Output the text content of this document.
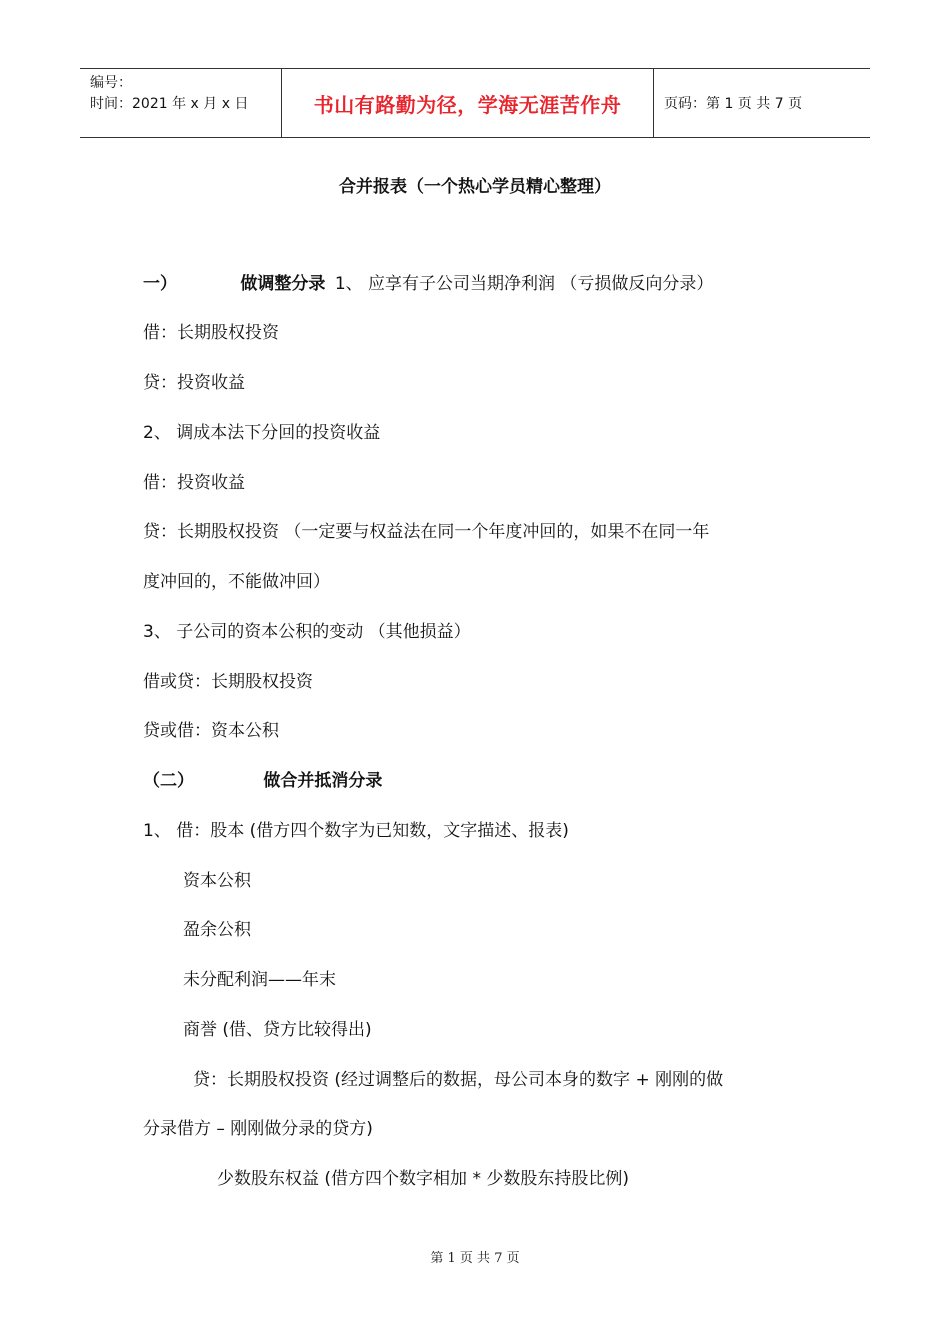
编号：
时间：2021 年 x 月 x 日	书山有路勤为径，学海无涯苦作舟	页码：第 1 页 共 7 页
合并报表（一个热心学员精心整理）
一）	做调整分录 1、 应享有子公司当期净利润 （亏损做反向分录）
借：长期股权投资
贷：投资收益
2、 调成本法下分回的投资收益
借：投资收益
贷：长期股权投资 （一定要与权益法在同一个年度冲回的，如果不在同一年
度冲回的，不能做冲回）
3、 子公司的资本公积的变动 （其他损益）
借或贷：长期股权投资
贷或借：资本公积
（二）	做合并抵消分录
1、 借：股本 (借方四个数字为已知数，文字描述、报表)
资本公积
盈余公积
未分配利润——年末
商誉 (借、贷方比较得出)
贷：长期股权投资 (经过调整后的数据，母公司本身的数字 + 刚刚的做
分录借方 – 刚刚做分录的贷方)
少数股东权益 (借方四个数字相加 * 少数股东持股比例)
第 1 页 共 7 页
